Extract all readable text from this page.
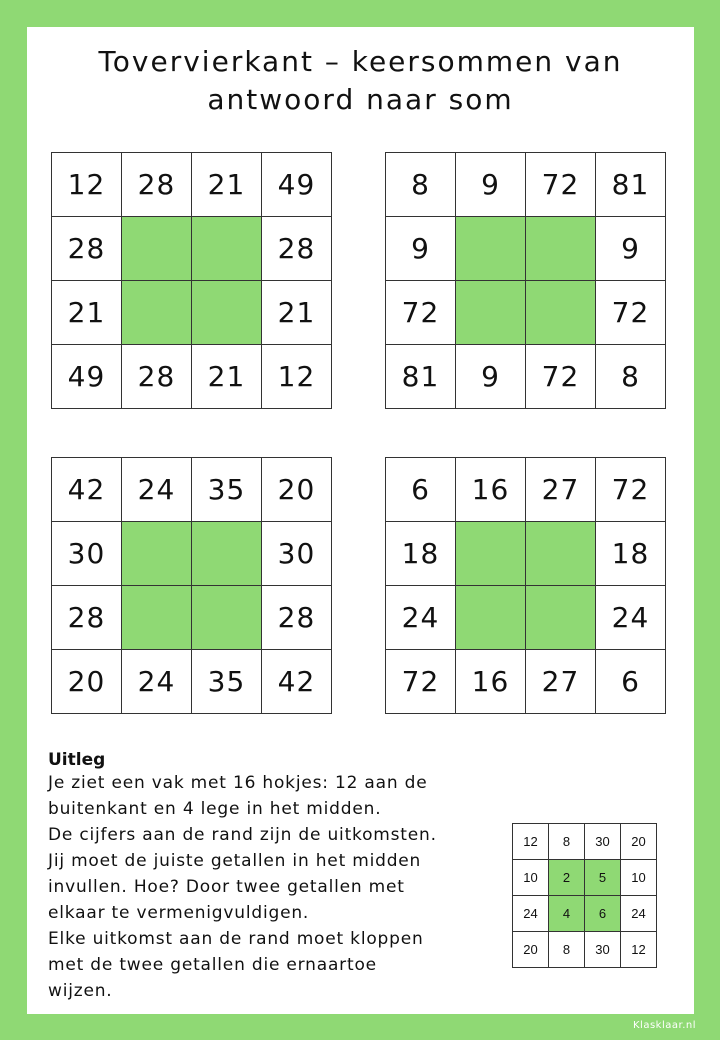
Tovervierkant – keersommen van
antwoord naar som
12	28	21	49
28			28
21			21
49	28	21	12
8	9	72	81
9			9
72			72
81	9	72	8
42	24	35	20
30			30
28			28
20	24	35	42
6	16	27	72
18			18
24			24
72	16	27	6
Uitleg
Je ziet een vak met 16 hokjes: 12 aan de
buitenkant en 4 lege in het midden.
De cijfers aan de rand zijn de uitkomsten.
Jij moet de juiste getallen in het midden
invullen. Hoe? Door twee getallen met
elkaar te vermenigvuldigen.
Elke uitkomst aan de rand moet kloppen
met de twee getallen die ernaartoe
wijzen.
12	8	30	20
10	2	5	10
24	4	6	24
20	8	30	12
Klasklaar.nl
